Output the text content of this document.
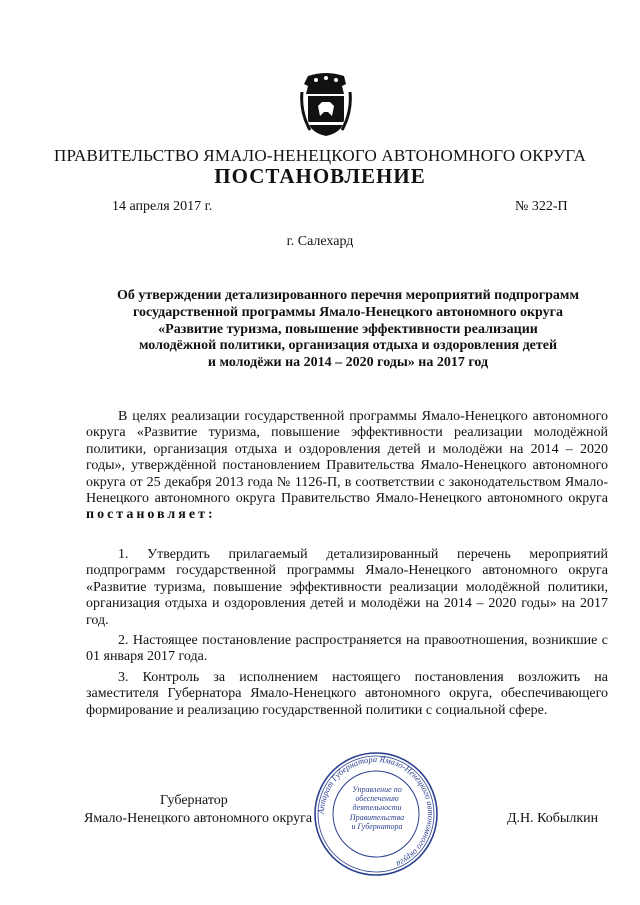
ПРАВИТЕЛЬСТВО ЯМАЛО-НЕНЕЦКОГО АВТОНОМНОГО ОКРУГА
ПОСТАНОВЛЕНИЕ
14 апреля 2017 г.	№ 322-П
г. Салехард
Об утверждении детализированного перечня мероприятий подпрограмм
государственной программы Ямало-Ненецкого автономного округа
«Развитие туризма, повышение эффективности реализации
молодёжной политики, организация отдыха и оздоровления детей
и молодёжи на 2014 – 2020 годы» на 2017 год
В целях реализации государственной программы Ямало-Ненецкого автономного округа «Развитие туризма, повышение эффективности реализации молодёжной политики, организация отдыха и оздоровления детей и молодёжи на 2014 – 2020 годы», утверждённой постановлением Правительства Ямало-Ненецкого автономного округа от 25 декабря 2013 года № 1126-П, в соответствии с законодательством Ямало-Ненецкого автономного округа Правительство Ямало-Ненецкого автономного округа постановляет:
1. Утвердить прилагаемый детализированный перечень мероприятий подпрограмм государственной программы Ямало-Ненецкого автономного округа «Развитие туризма, повышение эффективности реализации молодёжной политики, организация отдыха и оздоровления детей и молодёжи на 2014 – 2020 годы» на 2017 год.
2. Настоящее постановление распространяется на правоотношения, возникшие с 01 января 2017 года.
3. Контроль за исполнением настоящего постановления возложить на заместителя Губернатора Ямало-Ненецкого автономного округа, обеспечивающего формирование и реализацию государственной политики с социальной сфере.
Губернатор
Ямало-Ненецкого автономного округа	Д.Н. Кобылкин
Аппарат Губернатора Ямало-Ненецкого автономного округа
Управление по
обеспечению
деятельности
Правительства
и Губернатора
